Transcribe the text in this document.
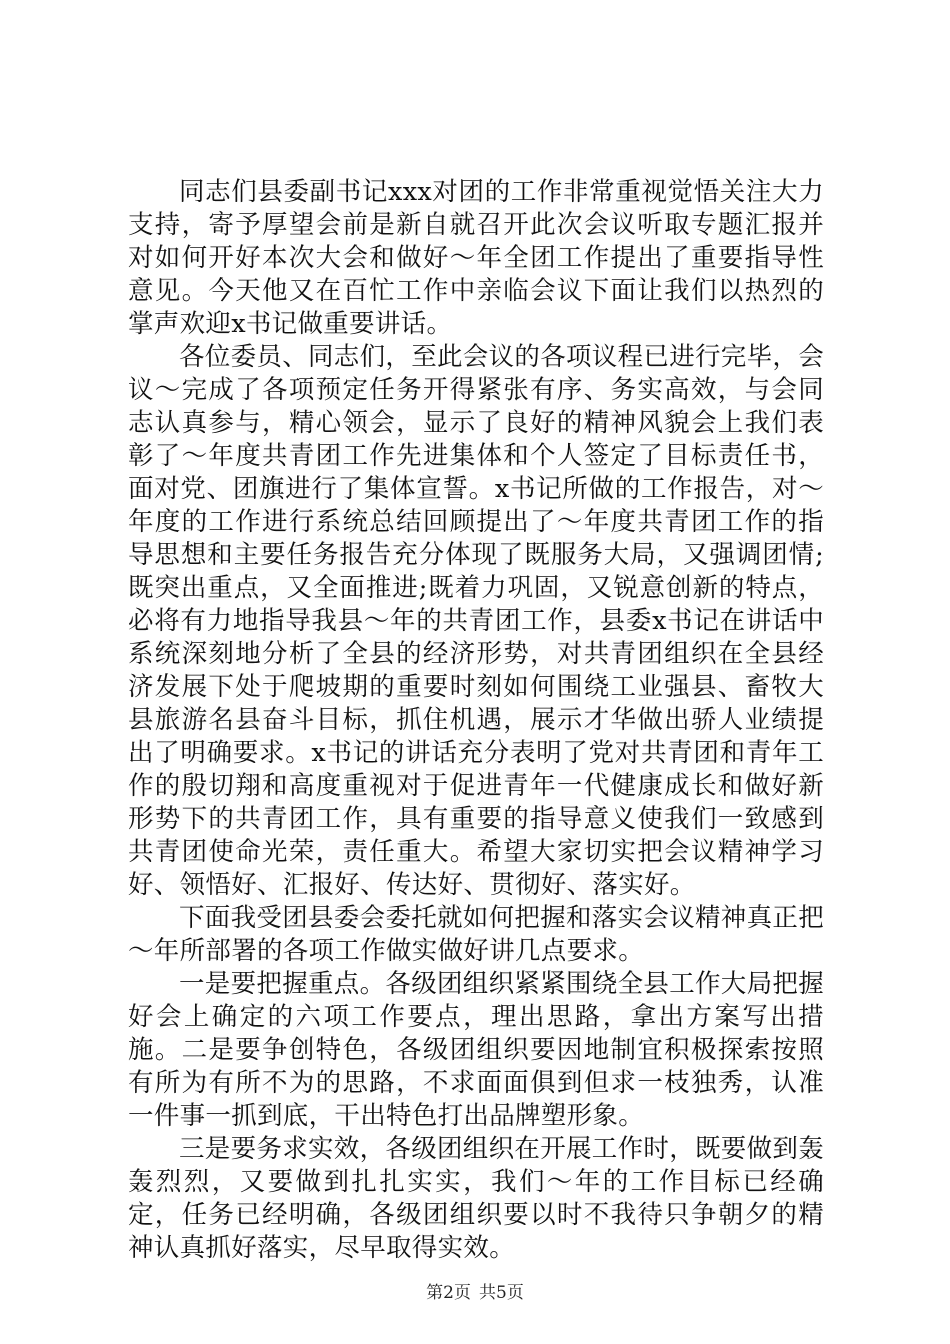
同志们县委副书记xxx对团的工作非常重视觉悟关注大力支持，寄予厚望会前是新自就召开此次会议听取专题汇报并对如何开好本次大会和做好～年全团工作提出了重要指导性意见。今天他又在百忙工作中亲临会议下面让我们以热烈的掌声欢迎x书记做重要讲话。

各位委员、同志们，至此会议的各项议程已进行完毕，会议～完成了各项预定任务开得紧张有序、务实高效，与会同志认真参与，精心领会，显示了良好的精神风貌会上我们表彰了～年度共青团工作先进集体和个人签定了目标责任书，面对党、团旗进行了集体宣誓。x书记所做的工作报告，对～年度的工作进行系统总结回顾提出了～年度共青团工作的指导思想和主要任务报告充分体现了既服务大局，又强调团情;既突出重点，又全面推进;既着力巩固，又锐意创新的特点，必将有力地指导我县～年的共青团工作，县委x书记在讲话中系统深刻地分析了全县的经济形势，对共青团组织在全县经济发展下处于爬坡期的重要时刻如何围绕工业强县、畜牧大县旅游名县奋斗目标，抓住机遇，展示才华做出骄人业绩提出了明确要求。x书记的讲话充分表明了党对共青团和青年工作的殷切翔和高度重视对于促进青年一代健康成长和做好新形势下的共青团工作，具有重要的指导意义使我们一致感到共青团使命光荣，责任重大。希望大家切实把会议精神学习好、领悟好、汇报好、传达好、贯彻好、落实好。

下面我受团县委会委托就如何把握和落实会议精神真正把～年所部署的各项工作做实做好讲几点要求。

一是要把握重点。各级团组织紧紧围绕全县工作大局把握好会上确定的六项工作要点，理出思路，拿出方案写出措施。二是要争创特色，各级团组织要因地制宜积极探索按照有所为有所不为的思路，不求面面俱到但求一枝独秀，认准一件事一抓到底，干出特色打出品牌塑形象。

三是要务求实效，各级团组织在开展工作时，既要做到轰轰烈烈，又要做到扎扎实实，我们～年的工作目标已经确定，任务已经明确，各级团组织要以时不我待只争朝夕的精神认真抓好落实，尽早取得实效。

第2页 共5页
